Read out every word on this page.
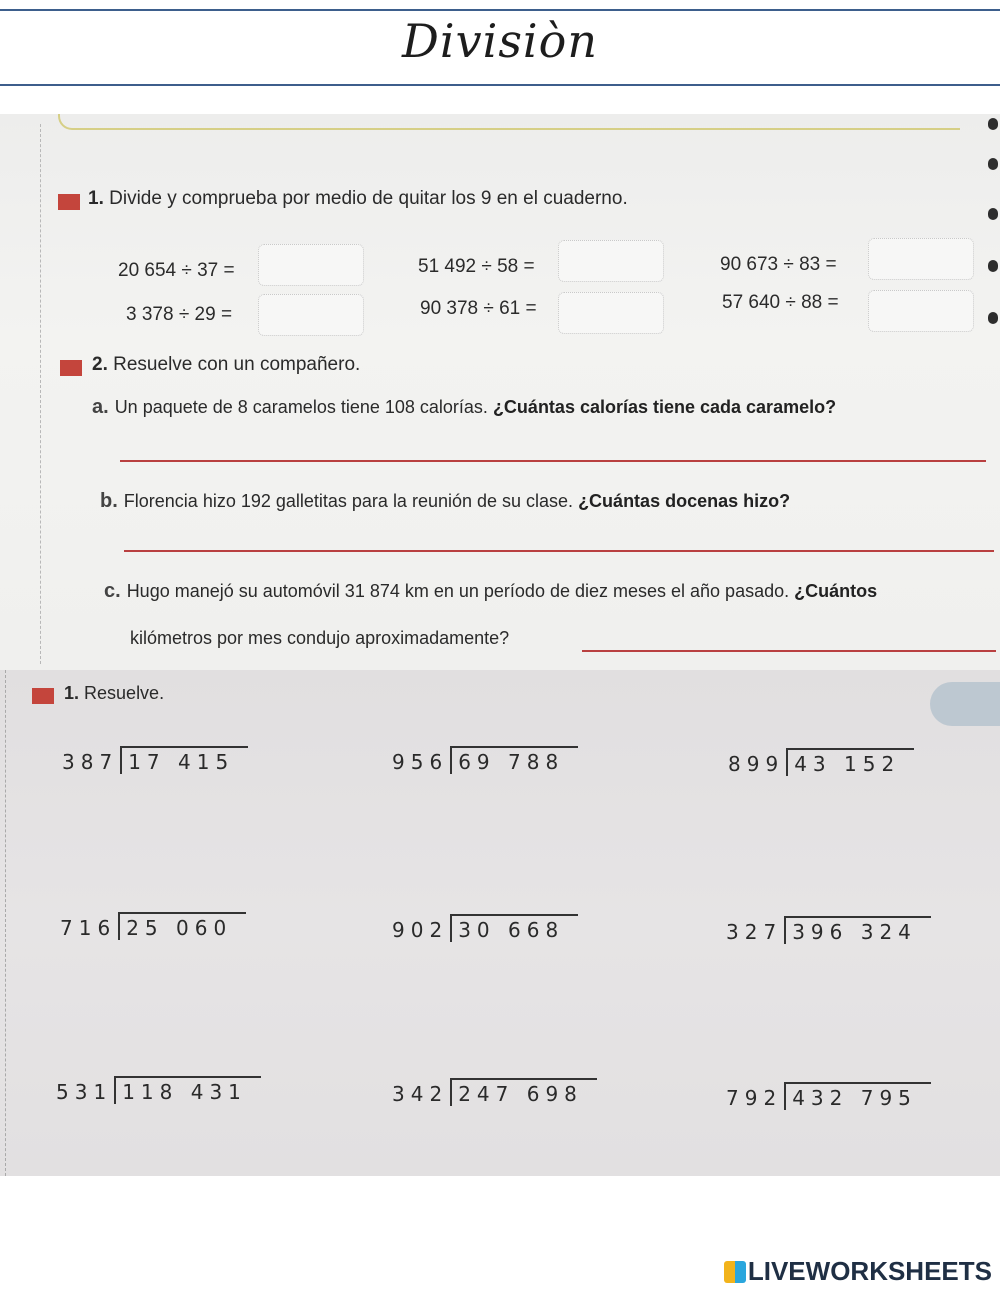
Divisiòn
1. Divide y comprueba por medio de quitar los 9 en el cuaderno.
20 654 ÷ 37 =	51 492 ÷ 58 =	90 673 ÷ 83 =
3 378 ÷ 29 =	90 378 ÷ 61 =	57 640 ÷ 88 =
2. Resuelve con un compañero.
a. Un paquete de 8 caramelos tiene 108 calorías. ¿Cuántas calorías tiene cada caramelo?
b. Florencia hizo 192 galletitas para la reunión de su clase. ¿Cuántas docenas hizo?
c. Hugo manejó su automóvil 31 874 km en un período de diez meses el año pasado. ¿Cuántos
kilómetros por mes condujo aproximadamente?
1. Resuelve.
387 17 415	956 69 788	899 43 152
716 25 060	902 30 668	327 396 324
531 118 431	342 247 698	792 432 795
LIVEWORKSHEETS
